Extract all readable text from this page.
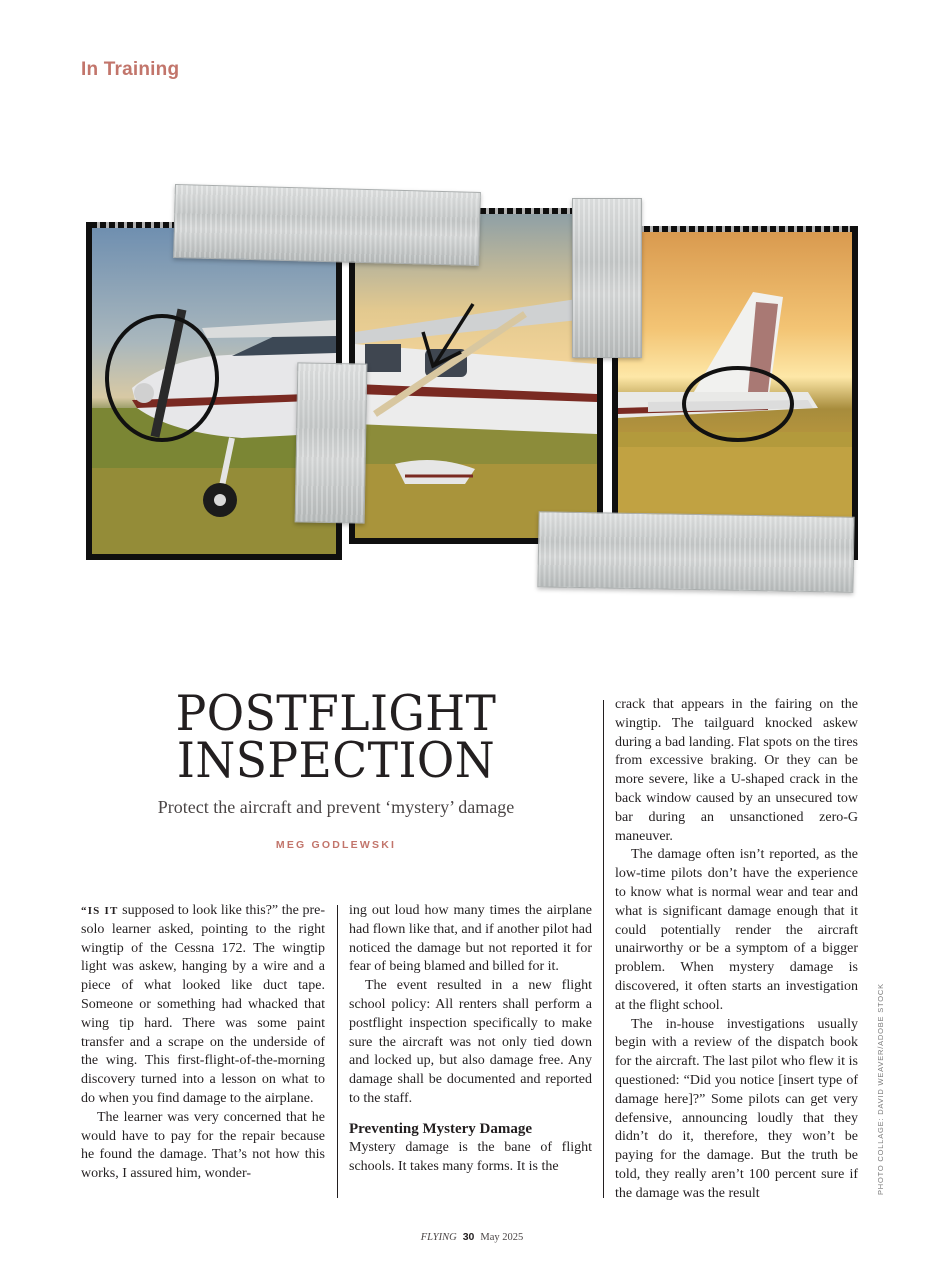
In Training
POSTFLIGHT
INSPECTION
Protect the aircraft and prevent ‘mystery’ damage
MEG GODLEWSKI

“IS IT supposed to look like this?” the pre-solo learner asked, pointing to the right wingtip of the Cessna 172. The wingtip light was askew, hanging by a wire and a piece of what looked like duct tape. Someone or something had whacked that wing tip hard. There was some paint transfer and a scrape on the underside of the wing. This first-flight-of-the-morning discovery turned into a lesson on what to do when you find damage to the airplane.

The learner was very concerned that he would have to pay for the repair because he found the damage. That’s not how this works, I assured him, wonder-

ing out loud how many times the airplane had flown like that, and if another pilot had noticed the damage but not reported it for fear of being blamed and billed for it.

The event resulted in a new flight school policy: All renters shall perform a postflight inspection specifically to make sure the aircraft was not only tied down and locked up, but also damage free. Any damage shall be documented and reported to the staff.

Preventing Mystery Damage

Mystery damage is the bane of flight schools. It takes many forms. It is the

crack that appears in the fairing on the wingtip. The tailguard knocked askew during a bad landing. Flat spots on the tires from excessive braking. Or they can be more severe, like a U-shaped crack in the back window caused by an unsecured tow bar during an unsanctioned zero-G maneuver.

The damage often isn’t reported, as the low-time pilots don’t have the experience to know what is normal wear and tear and what is significant damage enough that it could potentially render the aircraft unairworthy or be a symptom of a bigger problem. When mystery damage is discovered, it often starts an investigation at the flight school.

The in-house investigations usually begin with a review of the dispatch book for the aircraft. The last pilot who flew it is questioned: “Did you notice [insert type of damage here]?” Some pilots can get very defensive, announcing loudly that they didn’t do it, therefore, they won’t be paying for the damage. But the truth be told, they really aren’t 100 percent sure if the damage was the result	PHOTO COLLAGE: DAVID WEAVER/ADOBE STOCK
FLYING 30 May 2025
